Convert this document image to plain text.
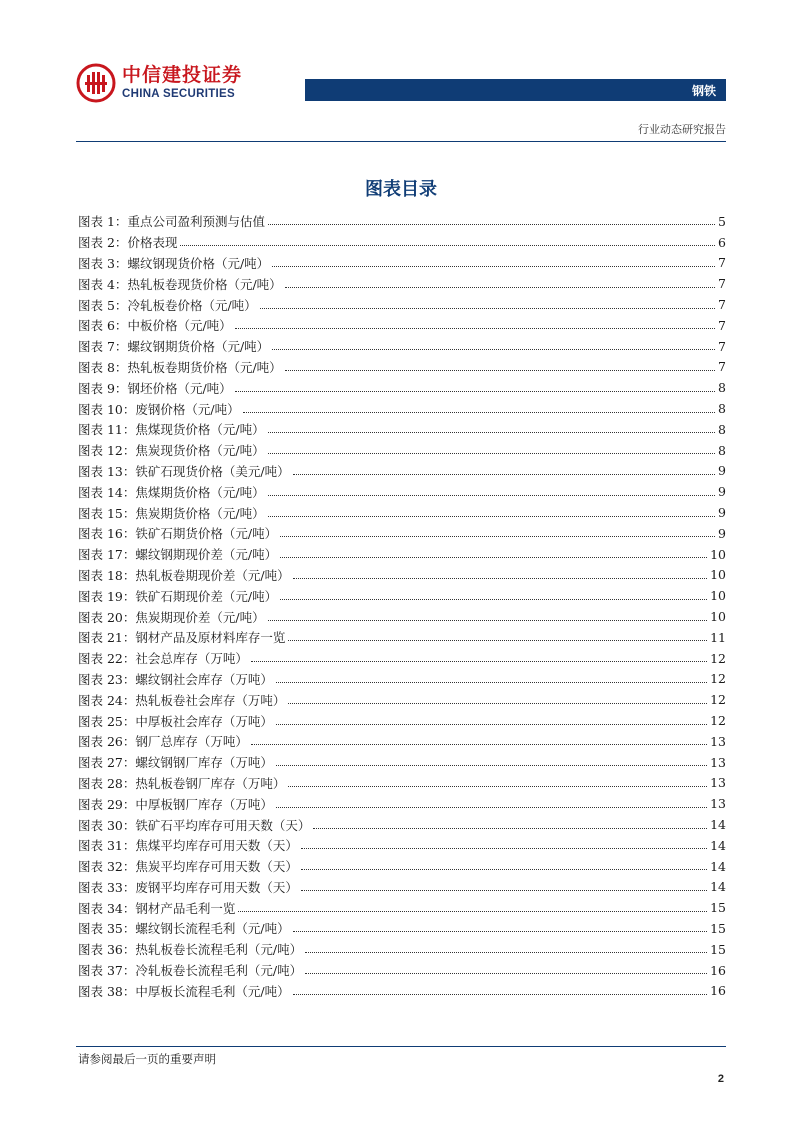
中信建投证券
CHINA SECURITIES	钢铁
行业动态研究报告
图表目录
图表 1： 重点公司盈利预测与估值	5
图表 2： 价格表现	6
图表 3： 螺纹钢现货价格（元/吨）	7
图表 4： 热轧板卷现货价格（元/吨）	7
图表 5： 冷轧板卷价格（元/吨）	7
图表 6： 中板价格（元/吨）	7
图表 7： 螺纹钢期货价格（元/吨）	7
图表 8： 热轧板卷期货价格（元/吨）	7
图表 9： 钢坯价格（元/吨）	8
图表 10： 废钢价格（元/吨）	8
图表 11： 焦煤现货价格（元/吨）	8
图表 12： 焦炭现货价格（元/吨）	8
图表 13： 铁矿石现货价格（美元/吨）	9
图表 14： 焦煤期货价格（元/吨）	9
图表 15： 焦炭期货价格（元/吨）	9
图表 16： 铁矿石期货价格（元/吨）	9
图表 17： 螺纹钢期现价差（元/吨）	10
图表 18： 热轧板卷期现价差（元/吨）	10
图表 19： 铁矿石期现价差（元/吨）	10
图表 20： 焦炭期现价差（元/吨）	10
图表 21： 钢材产品及原材料库存一览	11
图表 22： 社会总库存（万吨）	12
图表 23： 螺纹钢社会库存（万吨）	12
图表 24： 热轧板卷社会库存（万吨）	12
图表 25： 中厚板社会库存（万吨）	12
图表 26： 钢厂总库存（万吨）	13
图表 27： 螺纹钢钢厂库存（万吨）	13
图表 28： 热轧板卷钢厂库存（万吨）	13
图表 29： 中厚板钢厂库存（万吨）	13
图表 30： 铁矿石平均库存可用天数（天）	14
图表 31： 焦煤平均库存可用天数（天）	14
图表 32： 焦炭平均库存可用天数（天）	14
图表 33： 废钢平均库存可用天数（天）	14
图表 34： 钢材产品毛利一览	15
图表 35： 螺纹钢长流程毛利（元/吨）	15
图表 36： 热轧板卷长流程毛利（元/吨）	15
图表 37： 冷轧板卷长流程毛利（元/吨）	16
图表 38： 中厚板长流程毛利（元/吨）	16
请参阅最后一页的重要声明
2
